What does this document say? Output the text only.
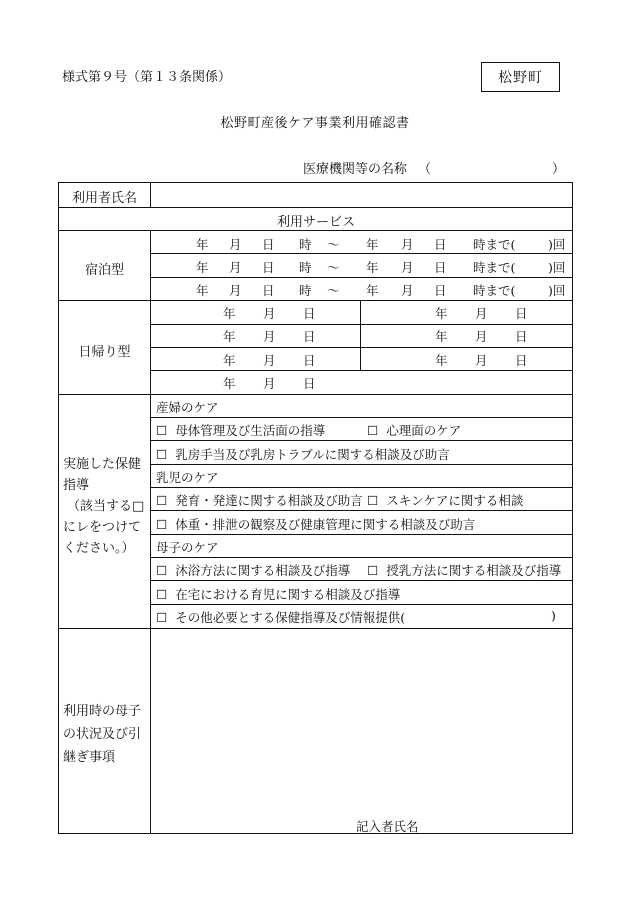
様式第９号（第１３条関係）	松野町
松野町産後ケア事業利用確認書
医療機関等の名称 （	）
利用者氏名
利用サービス
宿泊型
年 月 日 時 ～ 年 月 日 時まで(	)回
年 月 日 時 ～ 年 月 日 時まで(	)回
年 月 日 時 ～ 年 月 日 時まで(	)回
日帰り型
年 月 日	年 月 日
年 月 日	年 月 日
年 月 日	年 月 日
年 月 日
実施した保健
指導
（該当する□
にレをつけて
ください。）
産婦のケア
☐ 母体管理及び生活面の指導	☐ 心理面のケア
☐ 乳房手当及び乳房トラブルに関する相談及び助言
乳児のケア
☐ 発育・発達に関する相談及び助言 ☐ スキンケアに関する相談
☐ 体重・排泄の観察及び健康管理に関する相談及び助言
母子のケア
☐ 沐浴方法に関する相談及び指導 ☐ 授乳方法に関する相談及び指導
☐ 在宅における育児に関する相談及び指導
☐ その他必要とする保健指導及び情報提供(	)
利用時の母子
の状況及び引
継ぎ事項
記入者氏名
